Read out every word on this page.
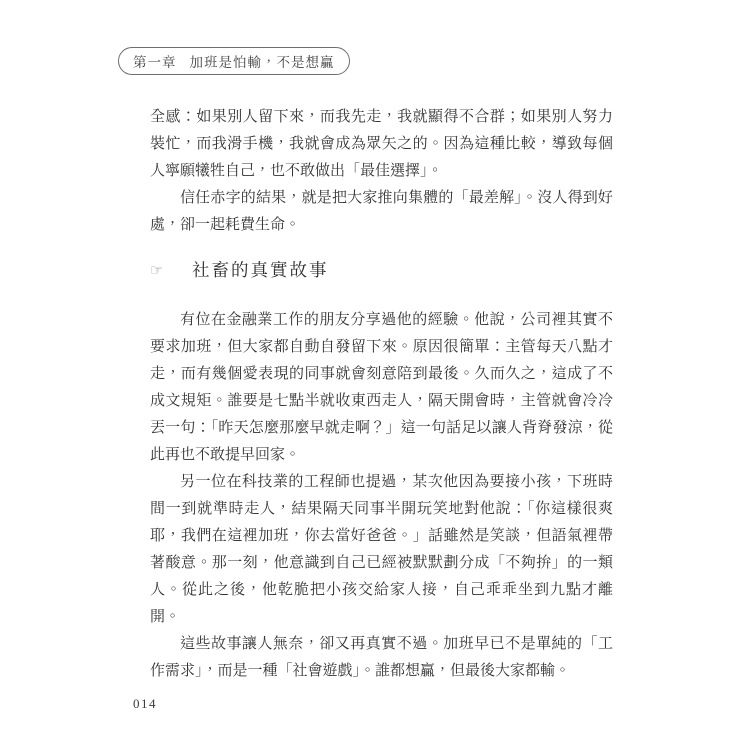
第一章 加班是怕輸，不是想贏

全感：如果別人留下來，而我先走，我就顯得不合群；如果別人努力裝忙，而我滑手機，我就會成為眾矢之的。因為這種比較，導致每個人寧願犧牲自己，也不敢做出「最佳選擇」。

信任赤字的結果，就是把大家推向集體的「最差解」。沒人得到好處，卻一起耗費生命。

☞	社畜的真實故事

有位在金融業工作的朋友分享過他的經驗。他說，公司裡其實不要求加班，但大家都自動自發留下來。原因很簡單：主管每天八點才走，而有幾個愛表現的同事就會刻意陪到最後。久而久之，這成了不成文規矩。誰要是七點半就收東西走人，隔天開會時，主管就會冷冷丟一句：「昨天怎麼那麼早就走啊？」這一句話足以讓人背脊發涼，從此再也不敢提早回家。

另一位在科技業的工程師也提過，某次他因為要接小孩，下班時間一到就準時走人，結果隔天同事半開玩笑地對他說：「你這樣很爽耶，我們在這裡加班，你去當好爸爸。」話雖然是笑談，但語氣裡帶著酸意。那一刻，他意識到自己已經被默默劃分成「不夠拚」的一類人。從此之後，他乾脆把小孩交給家人接，自己乖乖坐到九點才離開。

這些故事讓人無奈，卻又再真實不過。加班早已不是單純的「工作需求」，而是一種「社會遊戲」。誰都想贏，但最後大家都輸。

014
